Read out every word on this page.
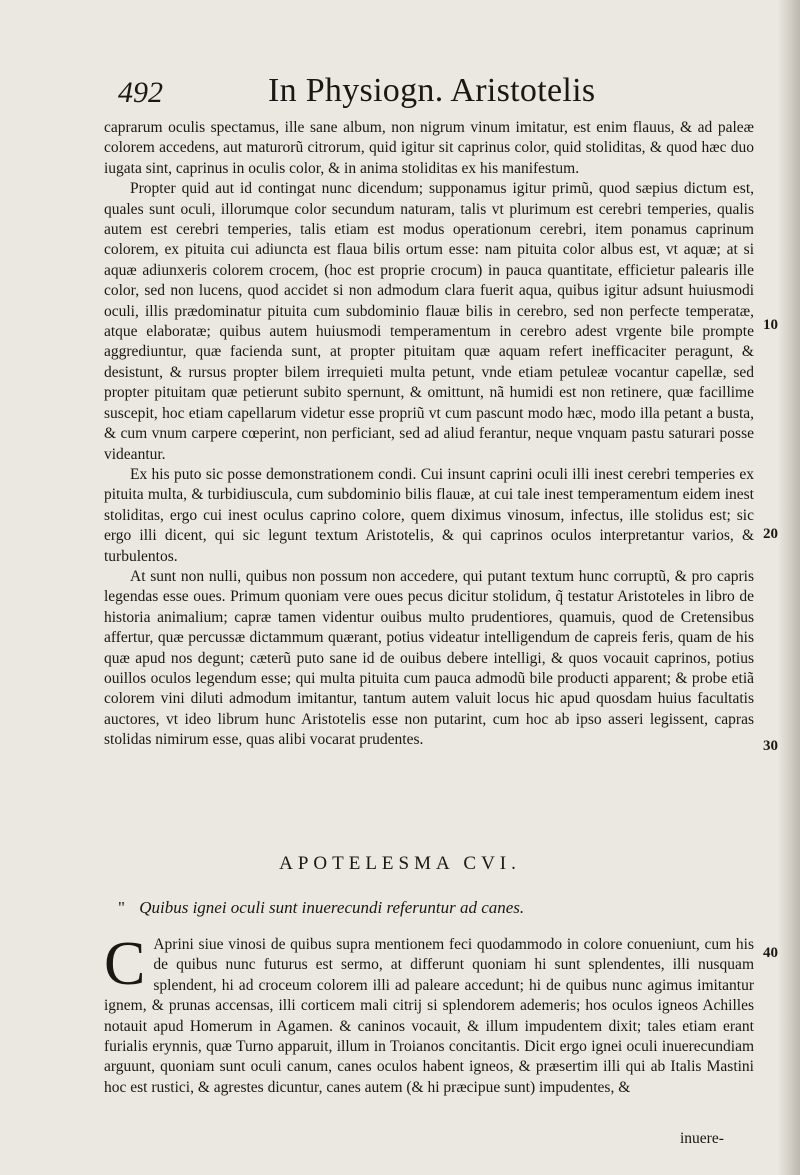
492	In Physiogn. Aristotelis

caprarum oculis spectamus, ille sane album, non nigrum vinum imitatur, est enim flauus, & ad paleæ colorem accedens, aut maturorũ citrorum, quid igitur sit caprinus color, quid stoliditas, & quod hæc duo iugata sint, caprinus in oculis color, & in anima stoliditas ex his manifestum.

Propter quid aut id contingat nunc dicendum; supponamus igitur primũ, quod sæpius dictum est, quales sunt oculi, illorumque color secundum naturam, talis vt plurimum est cerebri temperies, qualis autem est cerebri temperies, talis etiam est modus operationum cerebri, item ponamus caprinum colorem, ex pituita cui adiuncta est flaua bilis ortum esse: nam pituita color albus est, vt aquæ; at si aquæ adiunxeris colorem crocem, (hoc est proprie crocum) in pauca quantitate, efficietur palearis ille color, sed non lucens, quod accidet si non admodum clara fuerit aqua, quibus igitur adsunt huiusmodi oculi, illis prædominatur pituita cum subdominio flauæ bilis in cerebro, sed non perfecte temperatæ, atque elaboratæ; quibus autem huiusmodi temperamentum in cerebro adest vrgente bile prompte aggrediuntur, quæ facienda sunt, at propter pituitam quæ aquam refert inefficaciter peragunt, & desistunt, & rursus propter bilem irrequieti multa petunt, vnde etiam petuleæ vocantur capellæ, sed propter pituitam quæ petierunt subito spernunt, & omittunt, nã humidi est non retinere, quæ facillime suscepit, hoc etiam capellarum videtur esse propriũ vt cum pascunt modo hæc, modo illa petant a busta, & cum vnum carpere cœperint, non perficiant, sed ad aliud ferantur, neque vnquam pastu saturari posse videantur.

Ex his puto sic posse demonstrationem condi. Cui insunt caprini oculi illi inest cerebri temperies ex pituita multa, & turbidiuscula, cum subdominio bilis flauæ, at cui tale inest temperamentum eidem inest stoliditas, ergo cui inest oculus caprino colore, quem diximus vinosum, infectus, ille stolidus est; sic ergo illi dicent, qui sic legunt textum Aristotelis, & qui caprinos oculos interpretantur varios, & turbulentos.

At sunt non nulli, quibus non possum non accedere, qui putant textum hunc corruptũ, & pro capris legendas esse oues. Primum quoniam vere oues pecus dicitur stolidum, q̃ testatur Aristoteles in libro de historia animalium; capræ tamen videntur ouibus multo prudentiores, quamuis, quod de Cretensibus affertur, quæ percussæ dictammum quærant, potius videatur intelligendum de capreis feris, quam de his quæ apud nos degunt; cæterũ puto sane id de ouibus debere intelligi, & quos vocauit caprinos, potius ouillos oculos legendum esse; qui multa pituita cum pauca admodũ bile producti apparent; & probe etiã colorem vini diluti admodum imitantur, tantum autem valuit locus hic apud quosdam huius facultatis auctores, vt ideo librum hunc Aristotelis esse non putarint, cum hoc ab ipso asseri legissent, capras stolidas nimirum esse, quas alibi vocarat prudentes.

10
20
30
40
APOTELESMA CVI.
" Quibus ignei oculi sunt inuerecundi referuntur ad canes.
C Aprini siue vinosi de quibus supra mentionem feci quodammodo in colore conueniunt, cum his de quibus nunc futurus est sermo, at differunt quoniam hi sunt splendentes, illi nusquam splendent, hi ad croceum colorem illi ad paleare accedunt; hi de quibus nunc agimus imitantur ignem, & prunas accensas, illi corticem mali citrij si splendorem ademeris; hos oculos igneos Achilles notauit apud Homerum in Agamen. & caninos vocauit, & illum impudentem dixit; tales etiam erant furialis erynnis, quæ Turno apparuit, illum in Troianos concitantis. Dicit ergo ignei oculi inuerecundiam arguunt, quoniam sunt oculi canum, canes oculos habent igneos, & præsertim illi qui ab Italis Mastini hoc est rustici, & agrestes dicuntur, canes autem (& hi præcipue sunt) impudentes, &
inuere-
